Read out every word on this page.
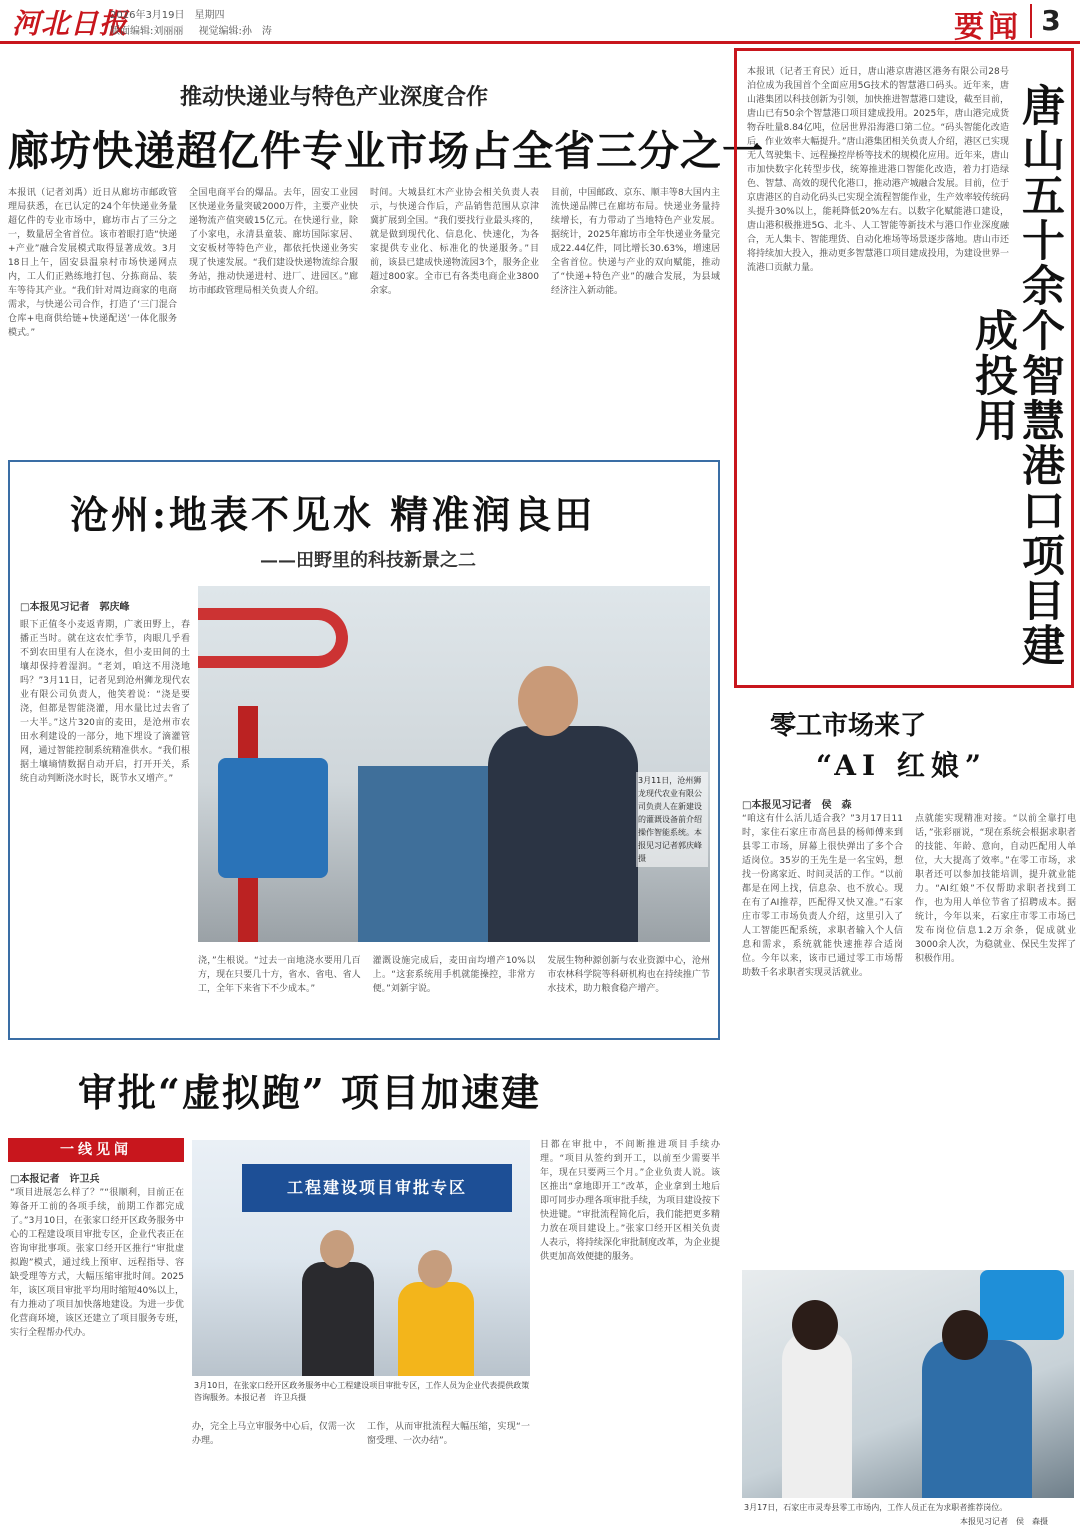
河北日报
2026年3月19日　星期四
版面编辑:刘丽丽 视觉编辑:孙　涛	要闻 3
推动快递业与特色产业深度合作
廊坊快递超亿件专业市场占全省三分之一
本报讯（记者刘禹）近日从廊坊市邮政管理局获悉，在已认定的24个年快递业务量超亿件的专业市场中，廊坊市占了三分之一，数量居全省首位。该市着眼打造“快递+产业”融合发展模式取得显著成效。3月18日上午，固安县温泉村市场快递网点内，工人们正熟练地打包、分拣商品、装车等待其产业。“我们针对周边商家的电商需求，与快递公司合作，打造了‘三门混合仓库+电商供给链+快递配送’一体化服务模式。”
全国电商平台的爆品。去年，固安工业园区快递业务量突破2000万件，主要产业快递物流产值突破15亿元。在快递行业，除了小家电，永清县童装、廊坊国际家居、文安板材等特色产业，都依托快递业务实现了快速发展。“我们建设快递物流综合服务站，推动快递进村、进厂、进园区。”廊坊市邮政管理局相关负责人介绍。
时间。大城县红木产业协会相关负责人表示，与快递合作后，产品销售范围从京津冀扩展到全国。“我们要找行业最头疼的，就是做到现代化、信息化、快速化，为各家提供专业化、标准化的快递服务。”目前，该县已建成快递物流园3个，服务企业超过800家。全市已有各类电商企业3800余家。
目前，中国邮政、京东、顺丰等8大国内主流快递品牌已在廊坊布局。快递业务量持续增长，有力带动了当地特色产业发展。据统计，2025年廊坊市全年快递业务量完成22.44亿件，同比增长30.63%，增速居全省首位。快递与产业的双向赋能，推动了“快递+特色产业”的融合发展，为县域经济注入新动能。
本报讯（记者王育民）近日，唐山港京唐港区港务有限公司28号泊位成为我国首个全面应用5G技术的智慧港口码头。近年来，唐山港集团以科技创新为引领，加快推进智慧港口建设，截至目前，唐山已有50余个智慧港口项目建成投用。2025年，唐山港完成货物吞吐量8.84亿吨，位居世界沿海港口第二位。“码头智能化改造后，作业效率大幅提升。”唐山港集团相关负责人介绍，港区已实现无人驾驶集卡、远程操控岸桥等技术的规模化应用。近年来，唐山市加快数字化转型步伐，统筹推进港口智能化改造，着力打造绿色、智慧、高效的现代化港口，推动港产城融合发展。目前，位于京唐港区的自动化码头已实现全流程智能作业，生产效率较传统码头提升30%以上，能耗降低20%左右。以数字化赋能港口建设，唐山港积极推进5G、北斗、人工智能等新技术与港口作业深度融合，无人集卡、智能理货、自动化堆场等场景逐步落地。唐山市还将持续加大投入，推动更多智慧港口项目建成投用，为建设世界一流港口贡献力量。	唐山五十余个智慧港口项目建成投用
沧州:地表不见水 精准润良田
——田野里的科技新景之二
□本报见习记者　郭庆峰
眼下正值冬小麦返青期，广袤田野上，春播正当时。就在这农忙季节，肉眼几乎看不到农田里有人在浇水，但小麦田间的土壤却保持着湿润。“老刘，咱这不用浇地吗？”3月11日，记者见到沧州狮龙现代农业有限公司负责人，他笑着说：“浇是要浇，但都是智能浇灌，用水量比过去省了一大半。”这片320亩的麦田，是沧州市农田水利建设的一部分，地下埋设了滴灌管网，通过智能控制系统精准供水。“我们根据土壤墒情数据自动开启，打开开关，系统自动判断浇水时长，既节水又增产。”	3月11日，沧州狮龙现代农业有限公司负责人在新建设的灌溉设备前介绍操作智能系统。本报见习记者郭庆峰摄
浇，”生根说。“过去一亩地浇水要用几百方，现在只要几十方，省水、省电、省人工，全年下来省下不少成本。”
灌溉设施完成后，麦田亩均增产10%以上。“这套系统用手机就能操控，非常方便。”刘新宇说。
发展生物种源创新与农业资源中心，沧州市农林科学院等科研机构也在持续推广节水技术，助力粮食稳产增产。
零工市场来了
“AI 红娘”
□本报见习记者　侯　森
“咱这有什么活儿适合我？”3月17日11时，家住石家庄市高邑县的杨师傅来到县零工市场，屏幕上很快弹出了多个合适岗位。35岁的王先生是一名宝妈，想找一份离家近、时间灵活的工作。“以前都是在网上找，信息杂、也不放心。现在有了AI推荐，匹配得又快又准。”石家庄市零工市场负责人介绍，这里引入了人工智能匹配系统，求职者输入个人信息和需求，系统就能快速推荐合适岗位。今年以来，该市已通过零工市场帮助数千名求职者实现灵活就业。
点就能实现精准对接。“以前全靠打电话，”张彩丽说，“现在系统会根据求职者的技能、年龄、意向，自动匹配用人单位，大大提高了效率。”在零工市场，求职者还可以参加技能培训，提升就业能力。“AI红娘”不仅帮助求职者找到工作，也为用人单位节省了招聘成本。据统计，今年以来，石家庄市零工市场已发布岗位信息1.2万余条，促成就业3000余人次，为稳就业、保民生发挥了积极作用。
3月17日，石家庄市灵寿县零工市场内，工作人员正在为求职者推荐岗位。
本报见习记者　侯　森摄
审批“虚拟跑” 项目加速建
一线见闻
□本报记者　许卫兵
“项目进展怎么样了？”“很顺利，目前正在筹备开工前的各项手续，前期工作都完成了。”3月10日，在张家口经开区政务服务中心的工程建设项目审批专区，企业代表正在咨询审批事项。张家口经开区推行“审批虚拟跑”模式，通过线上预审、远程指导、容缺受理等方式，大幅压缩审批时间。2025年，该区项目审批平均用时缩短40%以上，有力推动了项目加快落地建设。为进一步优化营商环境，该区还建立了项目服务专班，实行全程帮办代办。
工程建设项目审批专区
3月10日，在张家口经开区政务服务中心工程建设项目审批专区，工作人员为企业代表提供政策咨询服务。本报记者　许卫兵摄
办，完全上马立审服务中心后，仅需一次办理。
工作，从而审批流程大幅压缩，实现“一窗受理、一次办结”。
日都在审批中，不间断推进项目手续办理。“项目从签约到开工，以前至少需要半年，现在只要两三个月。”企业负责人说。该区推出“拿地即开工”改革，企业拿到土地后即可同步办理各项审批手续，为项目建设按下快进键。“审批流程简化后，我们能把更多精力放在项目建设上。”张家口经开区相关负责人表示，将持续深化审批制度改革，为企业提供更加高效便捷的服务。
